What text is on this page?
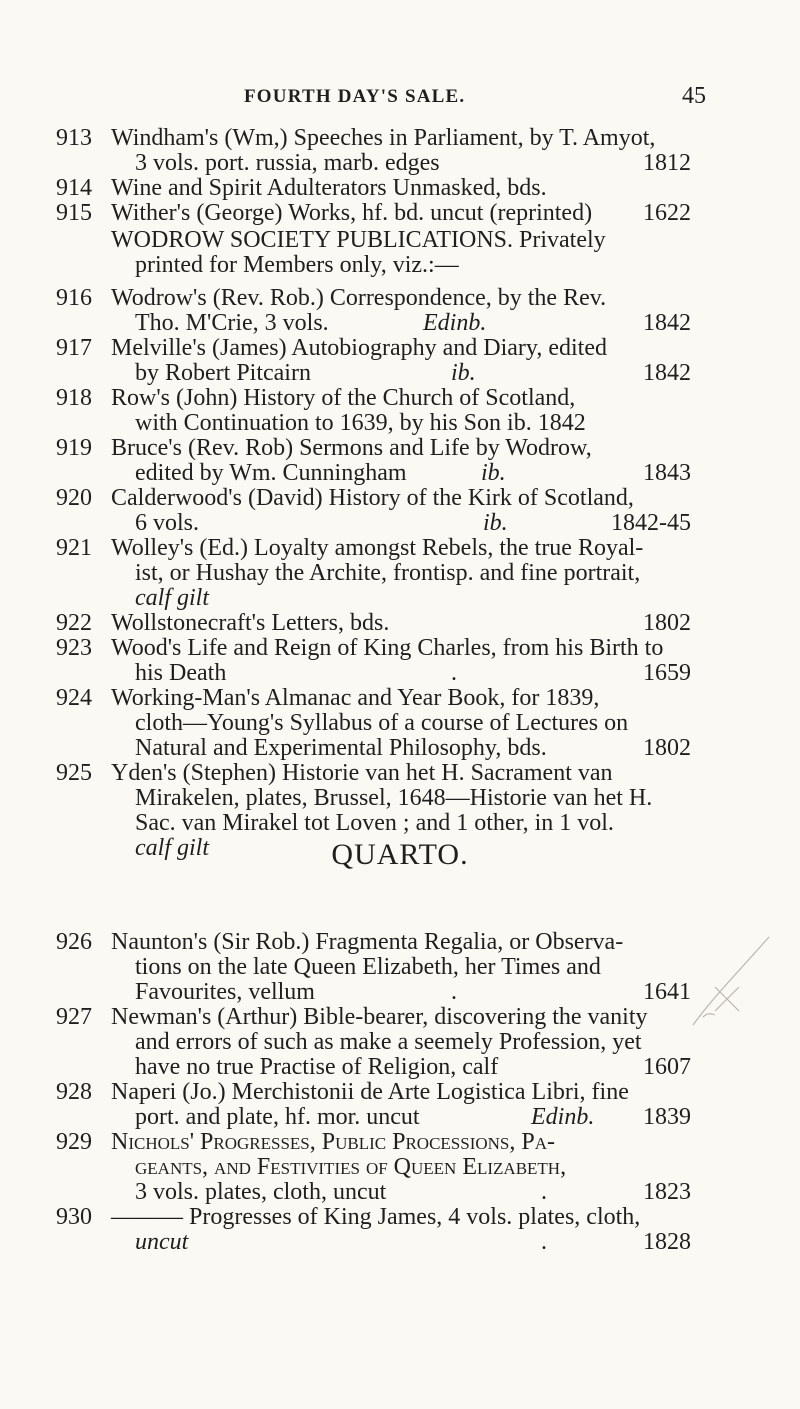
FOURTH DAY'S SALE.	45
913 Windham's (Wm,) Speeches in Parliament, by T. Amyot,
3 vols. port. russia, marb. edges	1812
914 Wine and Spirit Adulterators Unmasked, bds.
915 Wither's (George) Works, hf. bd. uncut (reprinted) 1622
WODROW SOCIETY PUBLICATIONS. Privately
printed for Members only, viz.:—
916 Wodrow's (Rev. Rob.) Correspondence, by the Rev.
Tho. M'Crie, 3 vols.	Edinb.	1842
917 Melville's (James) Autobiography and Diary, edited
by Robert Pitcairn	ib.	1842
918 Row's (John) History of the Church of Scotland,
with Continuation to 1639, by his Son ib. 1842
919 Bruce's (Rev. Rob) Sermons and Life by Wodrow,
edited by Wm. Cunningham	ib.	1843
920 Calderwood's (David) History of the Kirk of Scotland,
6 vols.	ib.	1842-45
921 Wolley's (Ed.) Loyalty amongst Rebels, the true Royal-
ist, or Hushay the Archite, frontisp. and fine portrait,
calf gilt
922 Wollstonecraft's Letters, bds.	1802
923 Wood's Life and Reign of King Charles, from his Birth to
his Death	.	1659
924 Working-Man's Almanac and Year Book, for 1839,
cloth—Young's Syllabus of a course of Lectures on
Natural and Experimental Philosophy, bds.	1802
925 Yden's (Stephen) Historie van het H. Sacrament van
Mirakelen, plates, Brussel, 1648—Historie van het H.
Sac. van Mirakel tot Loven ; and 1 other, in 1 vol.
calf gilt	QUARTO.
926 Naunton's (Sir Rob.) Fragmenta Regalia, or Observa-
tions on the late Queen Elizabeth, her Times and
Favourites, vellum	.	1641
927 Newman's (Arthur) Bible-bearer, discovering the vanity
and errors of such as make a seemely Profession, yet
have no true Practise of Religion, calf	1607
928 Naperi (Jo.) Merchistonii de Arte Logistica Libri, fine
port. and plate, hf. mor. uncut	Edinb. 1839
929 Nichols' Progresses, Public Processions, Pa-
geants, and Festivities of Queen Elizabeth,
3 vols. plates, cloth, uncut	.	1823
930 ——— Progresses of King James, 4 vols. plates, cloth,
uncut	.	1828
